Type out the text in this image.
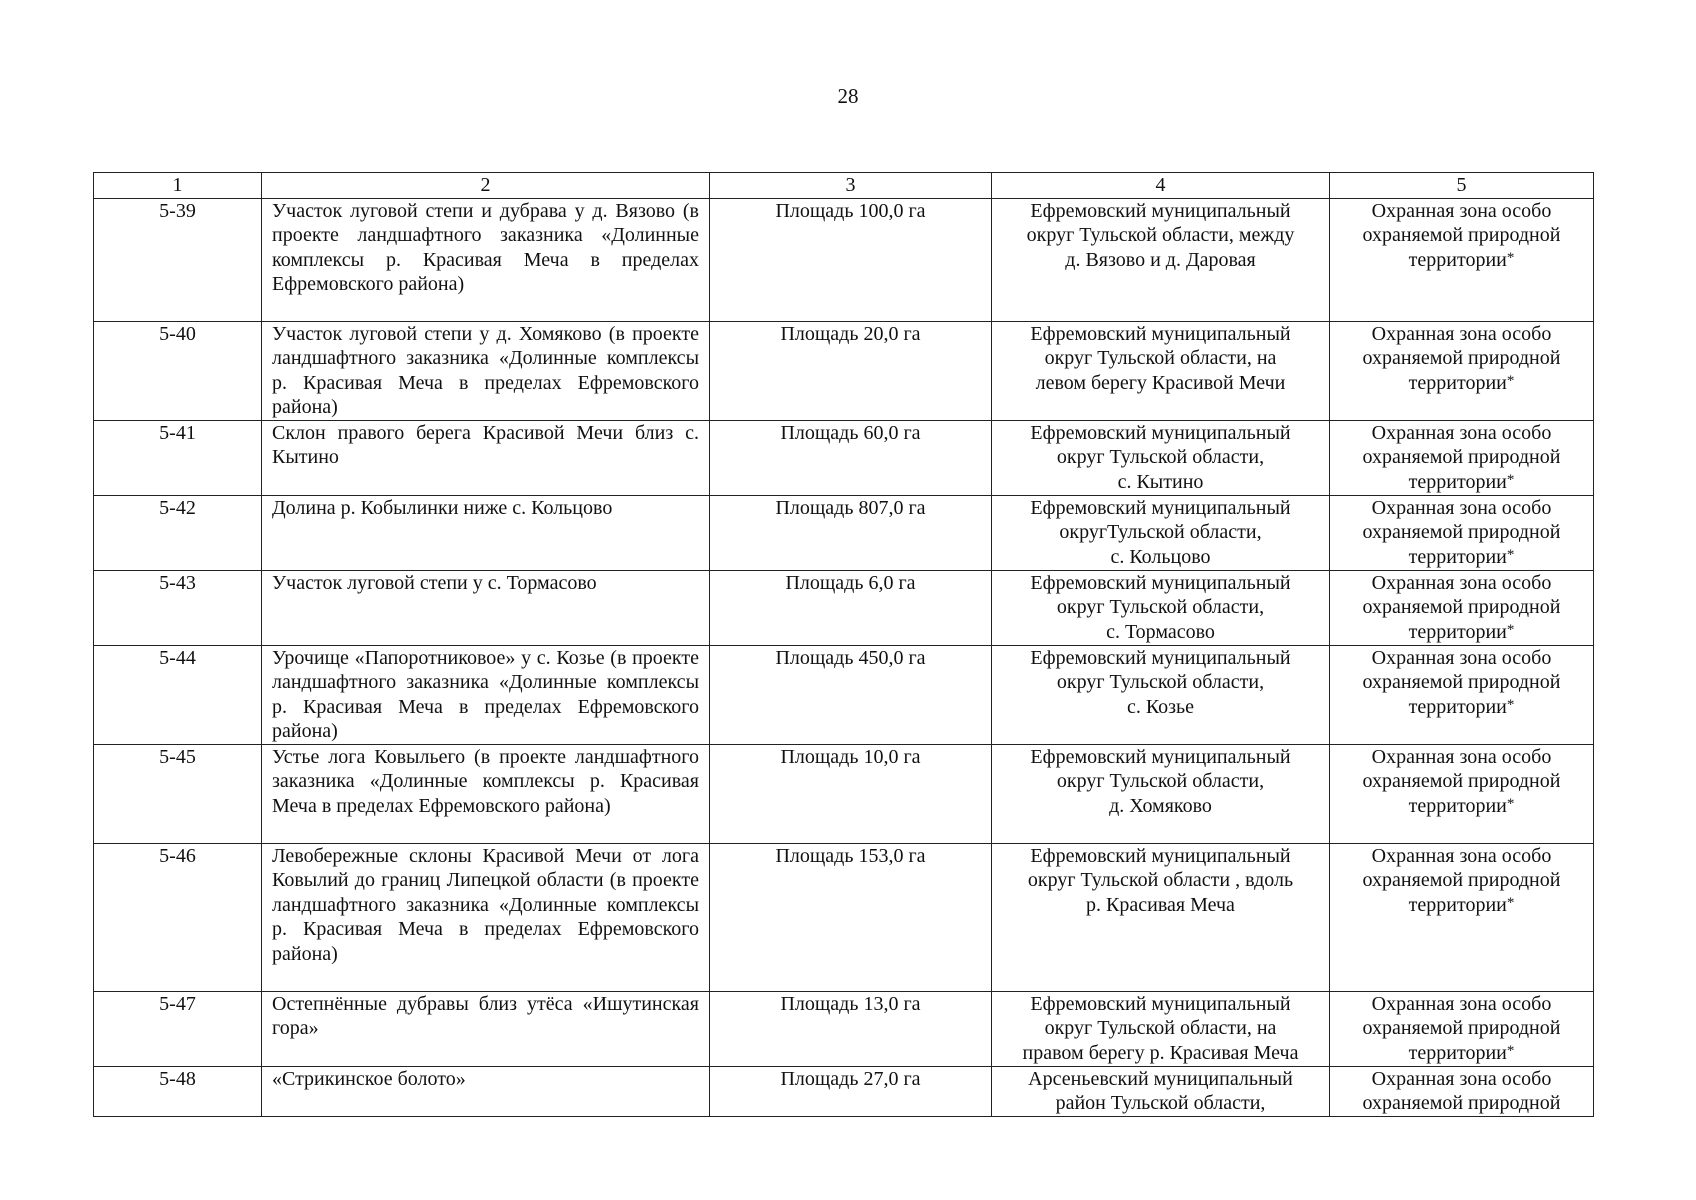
28
1	2	3	4	5
5-39	Участок луговой степи и дубрава у д. Вязово (в проекте ландшафтного заказника «Долинные комплексы р. Красивая Меча в пределах Ефремовского района)	Площадь 100,0 га	Ефремовский муниципальный
округ Тульской области, между
д. Вязово и д. Даровая	Охранная зона особо
охраняемой природной
территории*

5-40	Участок луговой степи у д. Хомяково (в проекте ландшафтного заказника «Долинные комплексы р. Красивая Меча в пределах Ефремовского района)	Площадь 20,0 га	Ефремовский муниципальный
округ Тульской области, на
левом берегу Красивой Мечи	Охранная зона особо
охраняемой природной
территории*

5-41	Склон правого берега Красивой Мечи близ с. Кытино	Площадь 60,0 га	Ефремовский муниципальный
округ Тульской области,
с. Кытино	Охранная зона особо
охраняемой природной
территории*

5-42	Долина р. Кобылинки ниже с. Кольцово	Площадь 807,0 га	Ефремовский муниципальный
округТульской области,
с. Кольцово	Охранная зона особо
охраняемой природной
территории*

5-43	Участок луговой степи у с. Тормасово	Площадь 6,0 га	Ефремовский муниципальный
округ Тульской области,
с. Тормасово	Охранная зона особо
охраняемой природной
территории*

5-44	Урочище «Папоротниковое» у с. Козье (в проекте ландшафтного заказника «Долинные комплексы р. Красивая Меча в пределах Ефремовского района)	Площадь 450,0 га	Ефремовский муниципальный
округ Тульской области,
с. Козье	Охранная зона особо
охраняемой природной
территории*

5-45	Устье лога Ковыльего (в проекте ландшафтного заказника «Долинные комплексы р. Красивая Меча в пределах Ефремовского района)	Площадь 10,0 га	Ефремовский муниципальный
округ Тульской области,
д. Хомяково	Охранная зона особо
охраняемой природной
территории*

5-46	Левобережные склоны Красивой Мечи от лога Ковылий до границ Липецкой области (в проекте ландшафтного заказника «Долинные комплексы р. Красивая Меча в пределах Ефремовского района)	Площадь 153,0 га	Ефремовский муниципальный
округ Тульской области , вдоль
р. Красивая Меча	Охранная зона особо
охраняемой природной
территории*

5-47	Остепнённые дубравы близ утёса «Ишутинская гора»	Площадь 13,0 га	Ефремовский муниципальный
округ Тульской области, на
правом берегу р. Красивая Меча	Охранная зона особо
охраняемой природной
территории*

5-48	«Стрикинское болото»	Площадь 27,0 га	Арсеньевский муниципальный
район Тульской области,	Охранная зона особо
охраняемой природной
